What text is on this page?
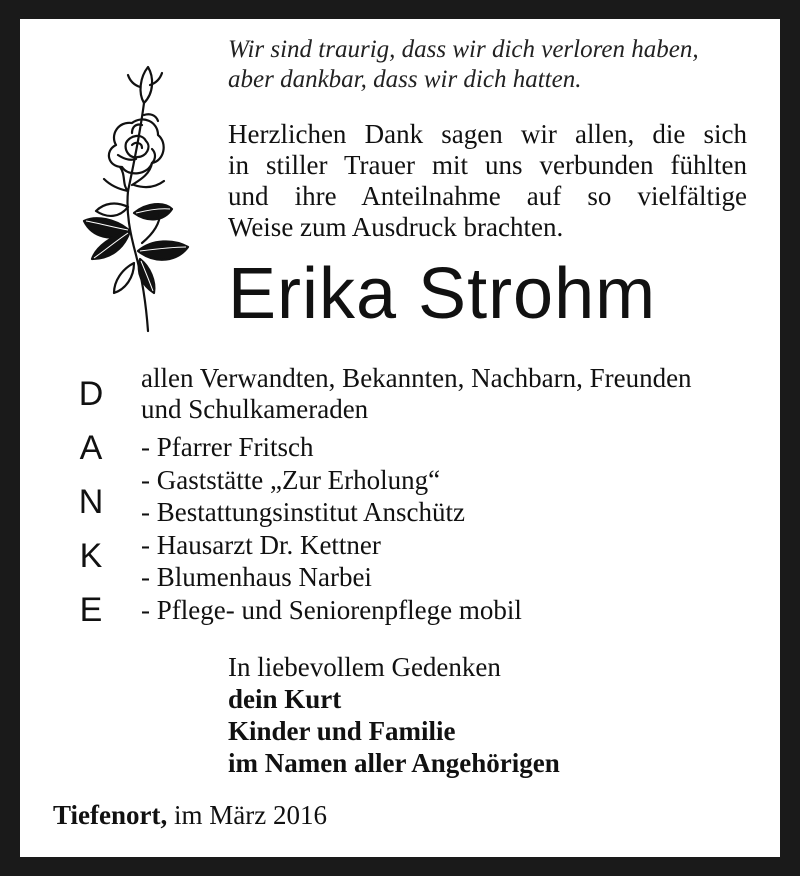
Wir sind traurig, dass wir dich verloren haben,
aber dankbar, dass wir dich hatten.
Herzlichen Dank sagen wir allen, die sich
in stiller Trauer mit uns verbunden fühlten
und ihre Anteilnahme auf so vielfältige
Weise zum Ausdruck brachten.
Erika Strohm
D
A
N
K
E
allen Verwandten, Bekannten, Nachbarn, Freunden
und Schulkameraden
- Pfarrer Fritsch
- Gaststätte „Zur Erholung“
- Bestattungsinstitut Anschütz
- Hausarzt Dr. Kettner
- Blumenhaus Narbei
- Pflege- und Seniorenpflege mobil
In liebevollem Gedenken
dein Kurt
Kinder und Familie
im Namen aller Angehörigen
Tiefenort, im März 2016
